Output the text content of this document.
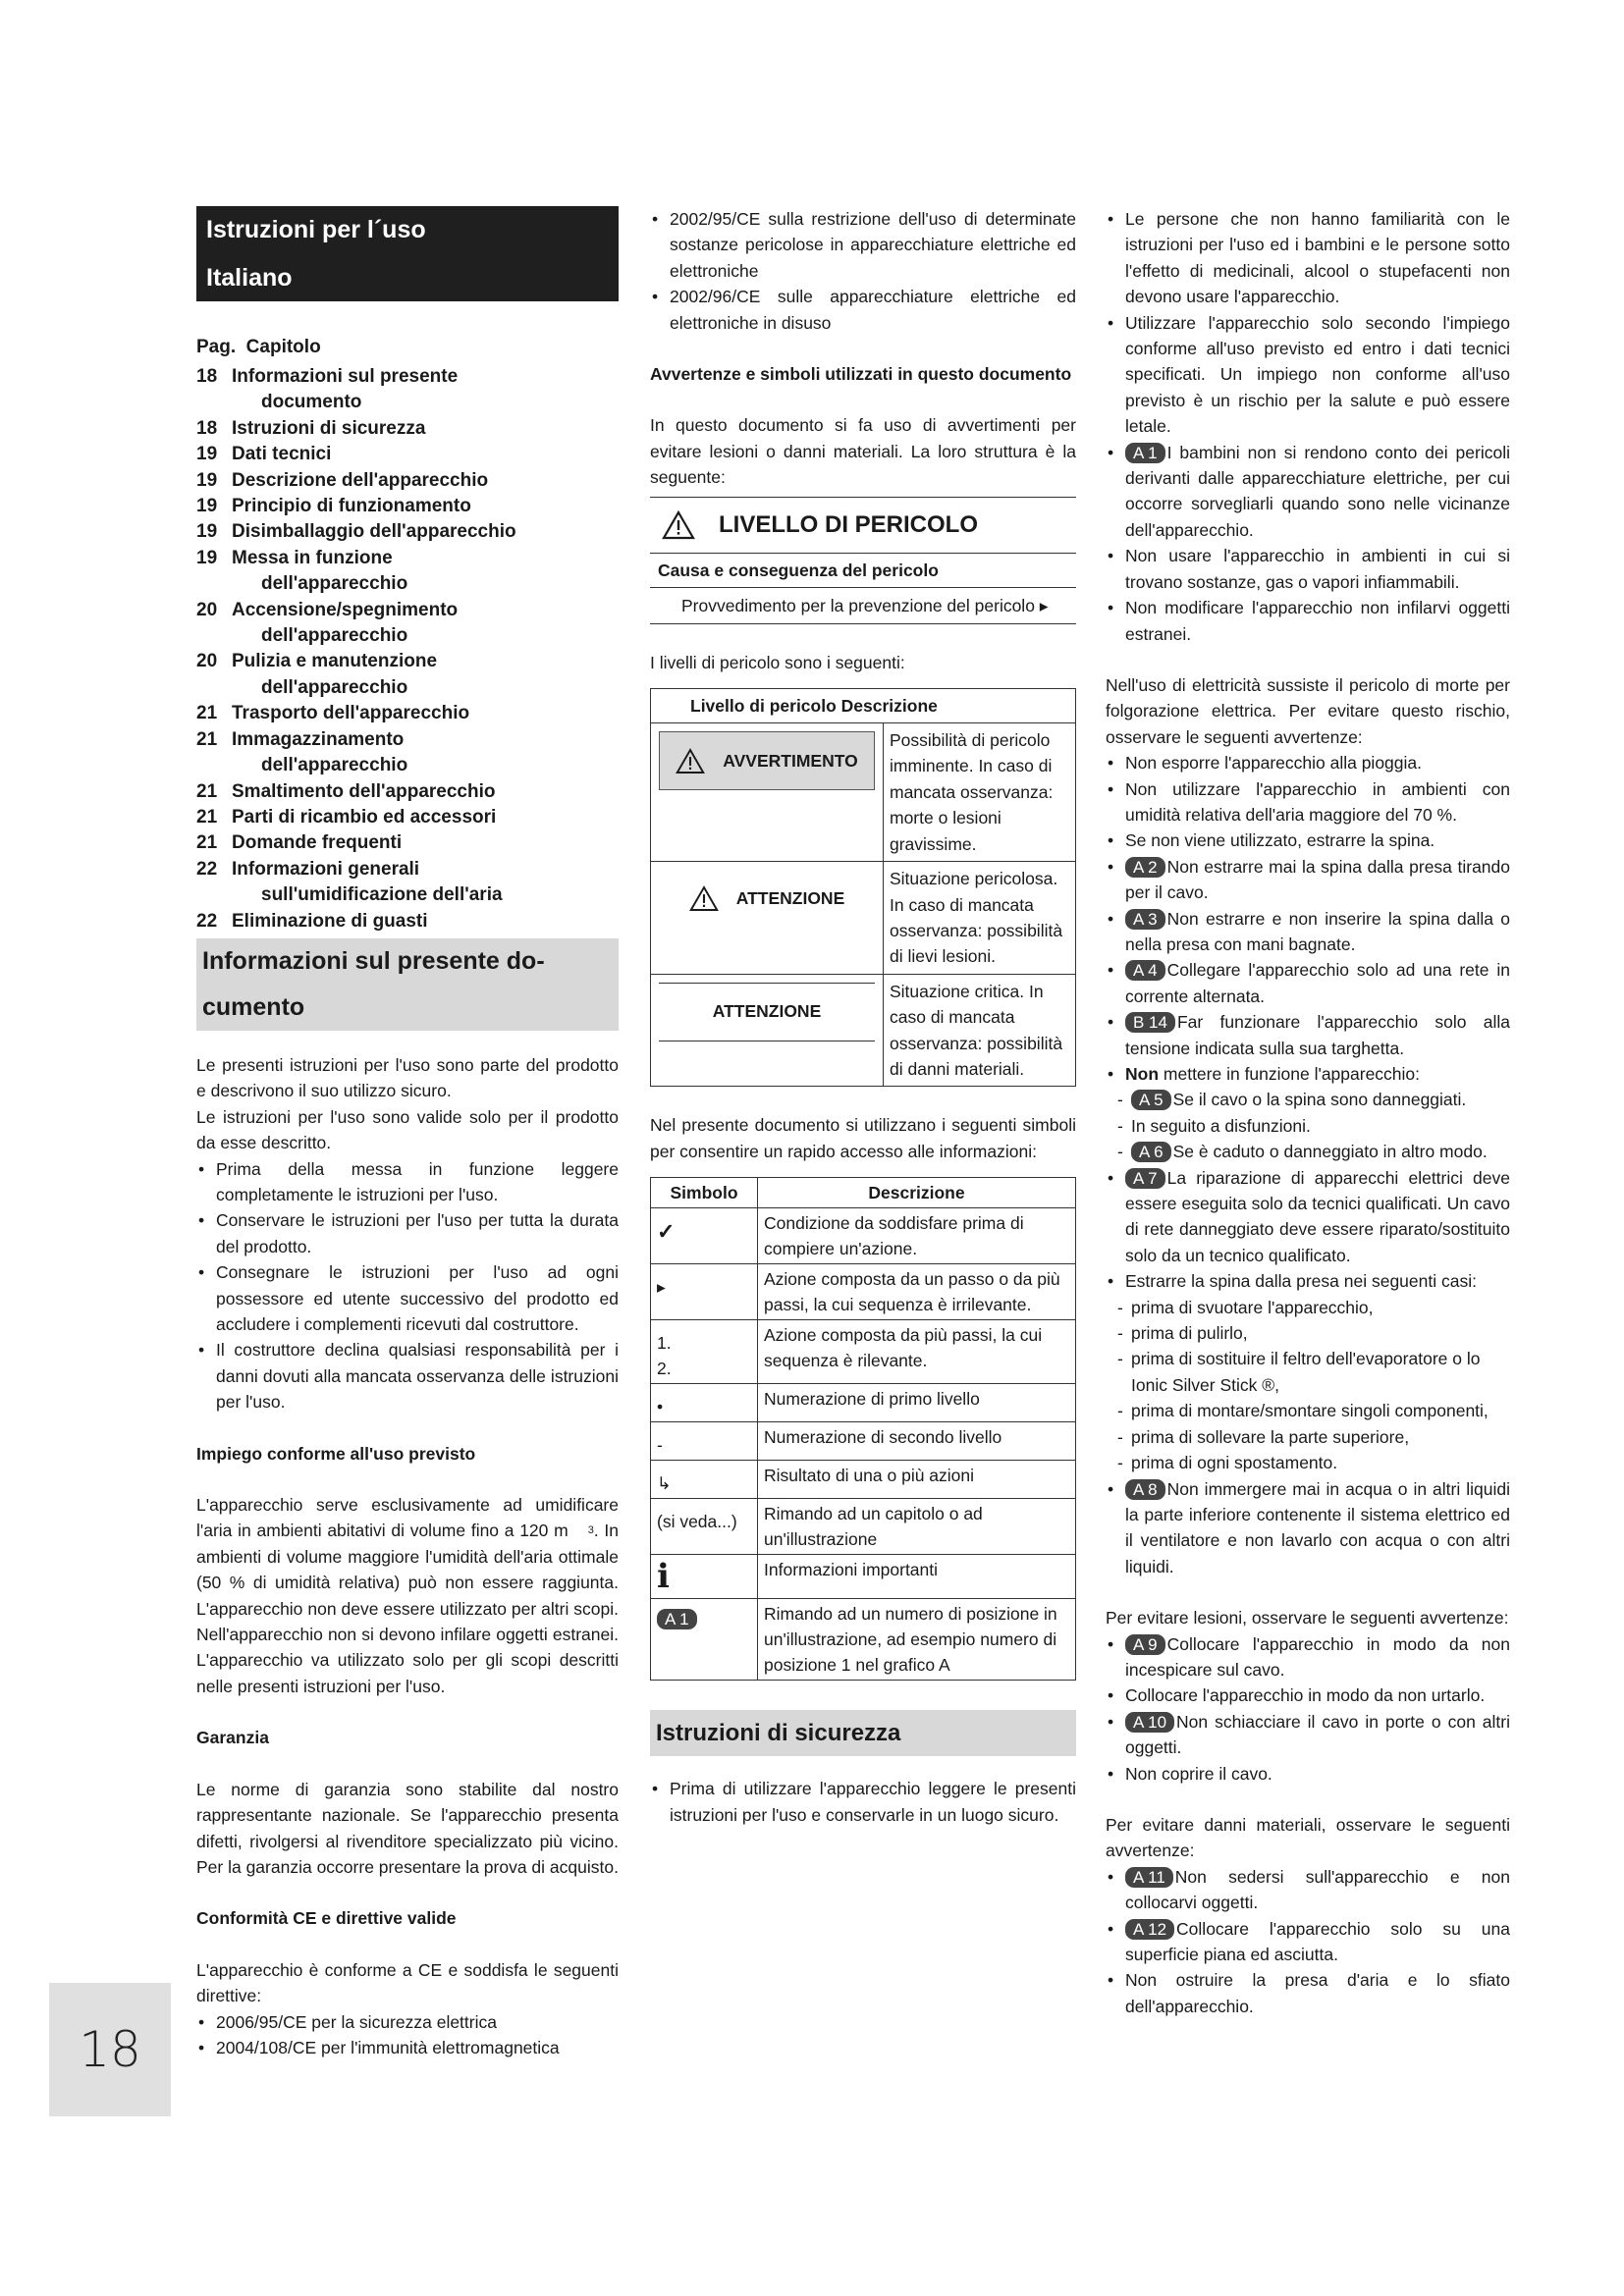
Istruzioni per l´uso
Italiano
Pag.  Capitolo
18 Informazioni sul presente
documento
18 Istruzioni di sicurezza
19 Dati tecnici
19 Descrizione dell'apparecchio
19 Principio di funzionamento
19 Disimballaggio dell'apparecchio
19 Messa in funzione
dell'apparecchio
20 Accensione/spegnimento
dell'apparecchio
20 Pulizia e manutenzione
dell'apparecchio
21 Trasporto dell'apparecchio
21 Immagazzinamento
dell'apparecchio
21 Smaltimento dell'apparecchio
21 Parti di ricambio ed accessori
21 Domande frequenti
22 Informazioni generali
sull'umidificazione dell'aria
22 Eliminazione di guasti
Informazioni sul presente do-
cumento

Le presenti istruzioni per l'uso sono parte del prodotto e descrivono il suo utilizzo sicuro.

Le istruzioni per l'uso sono valide solo per il prodotto da esse descritto.

• Prima della messa in funzione leggere completamente le istruzioni per l'uso.
• Conservare le istruzioni per l'uso per tutta la durata del prodotto.
• Consegnare le istruzioni per l'uso ad ogni possessore ed utente successivo del prodotto ed accludere i complementi ricevuti dal costruttore.
• Il costruttore declina qualsiasi responsabilità per i danni dovuti alla mancata osservanza delle istruzioni per l'uso.

Impiego conforme all'uso previsto

L'apparecchio serve esclusivamente ad umidificare l'aria in ambienti abitativi di volume fino a 120 m $^3$. In ambienti di volume maggiore l'umidità dell'aria ottimale (50 % di umidità relativa) può non essere raggiunta. L'apparecchio non deve essere utilizzato per altri scopi. Nell'apparecchio non si devono infilare oggetti estranei. L'apparecchio va utilizzato solo per gli scopi descritti nelle presenti istruzioni per l'uso.

Garanzia

Le norme di garanzia sono stabilite dal nostro rappresentante nazionale. Se l'apparecchio presenta difetti, rivolgersi al rivenditore specializzato più vicino. Per la garanzia occorre presentare la prova di acquisto.

Conformità CE e direttive valide

L'apparecchio è conforme a CE e soddisfa le seguenti direttive:

• 2006/95/CE per la sicurezza elettrica
• 2004/108/CE per l'immunità elettromagnetica
• 2002/95/CE sulla restrizione dell'uso di determinate sostanze pericolose in apparecchiature elettriche ed elettroniche
• 2002/96/CE sulle apparecchiature elettriche ed elettroniche in disuso

Avvertenze e simboli utilizzati in questo documento

In questo documento si fa uso di avvertimenti per evitare lesioni o danni materiali. La loro struttura è la seguente:

LIVELLO DI PERICOLO
Causa e conseguenza del pericolo
Provvedimento per la prevenzione del pericolo ▸

I livelli di pericolo sono i seguenti:

Livello di pericolo Descrizione	

AVVERTIMENTO	Possibilità di pericolo imminente. In caso di mancata osservanza: morte o lesioni gravissime.

ATTENZIONE	Situazione pericolosa. In caso di mancata osservanza: possibilità di lievi lesioni.

ATTENZIONE	Situazione critica. In caso di mancata osservanza: possibilità di danni materiali.

Nel presente documento si utilizzano i seguenti simboli per consentire un rapido accesso alle informazioni:

Simbolo	Descrizione
✓	Condizione da soddisfare prima di compiere un'azione.
▸	Azione composta da un passo o da più passi, la cui sequenza è irrilevante.
1.
2.	Azione composta da più passi, la cui sequenza è rilevante.
•	Numerazione di primo livello
-	Numerazione di secondo livello
↳	Risultato di una o più azioni
(si veda...)	Rimando ad un capitolo o ad un'illustrazione
i	Informazioni importanti
A 1	Rimando ad un numero di posizione in un'illustrazione, ad esempio numero di posizione 1 nel grafico A
Istruzioni di sicurezza
• Prima di utilizzare l'apparecchio leggere le presenti istruzioni per l'uso e conservarle in un luogo sicuro.
• Le persone che non hanno familiarità con le istruzioni per l'uso ed i bambini e le persone sotto l'effetto di medicinali, alcool o stupefacenti non devono usare l'apparecchio.
• Utilizzare l'apparecchio solo secondo l'impiego conforme all'uso previsto ed entro i dati tecnici specificati. Un impiego non conforme all'uso previsto è un rischio per la salute e può essere letale.
• A 1 I bambini non si rendono conto dei pericoli derivanti dalle apparecchiature elettriche, per cui occorre sorvegliarli quando sono nelle vicinanze dell'apparecchio.
• Non usare l'apparecchio in ambienti in cui si trovano sostanze, gas o vapori infiammabili.
• Non modificare l'apparecchio non infilarvi oggetti estranei.

Nell'uso di elettricità sussiste il pericolo di morte per folgorazione elettrica. Per evitare questo rischio, osservare le seguenti avvertenze:

• Non esporre l'apparecchio alla pioggia.
• Non utilizzare l'apparecchio in ambienti con umidità relativa dell'aria maggiore del 70 %.
• Se non viene utilizzato, estrarre la spina.
• A 2 Non estrarre mai la spina dalla presa tirando per il cavo.
• A 3 Non estrarre e non inserire la spina dalla o nella presa con mani bagnate.
• A 4 Collegare l'apparecchio solo ad una rete in corrente alternata.
• B 14 Far funzionare l'apparecchio solo alla tensione indicata sulla sua targhetta.
• Non mettere in funzione l'apparecchio:
- A 5 Se il cavo o la spina sono danneggiati.
- In seguito a disfunzioni.
- A 6 Se è caduto o danneggiato in altro modo.
• A 7 La riparazione di apparecchi elettrici deve essere eseguita solo da tecnici qualificati. Un cavo di rete danneggiato deve essere riparato/sostituito solo da un tecnico qualificato.
• Estrarre la spina dalla presa nei seguenti casi:
- prima di svuotare l'apparecchio,
- prima di pulirlo,
- prima di sostituire il feltro dell'evaporatore o lo Ionic Silver Stick ®,
- prima di montare/smontare singoli componenti,
- prima di sollevare la parte superiore,
- prima di ogni spostamento.
• A 8 Non immergere mai in acqua o in altri liquidi la parte inferiore contenente il sistema elettrico ed il ventilatore e non lavarlo con acqua o con altri liquidi.

Per evitare lesioni, osservare le seguenti avvertenze:

• A 9 Collocare l'apparecchio in modo da non incespicare sul cavo.
• Collocare l'apparecchio in modo da non urtarlo.
• A 10 Non schiacciare il cavo in porte o con altri oggetti.
• Non coprire il cavo.

Per evitare danni materiali, osservare le seguenti avvertenze:

• A 11 Non sedersi sull'apparecchio e non collocarvi oggetti.
• A 12 Collocare l'apparecchio solo su una superficie piana ed asciutta.
• Non ostruire la presa d'aria e lo sfiato dell'apparecchio.
18
